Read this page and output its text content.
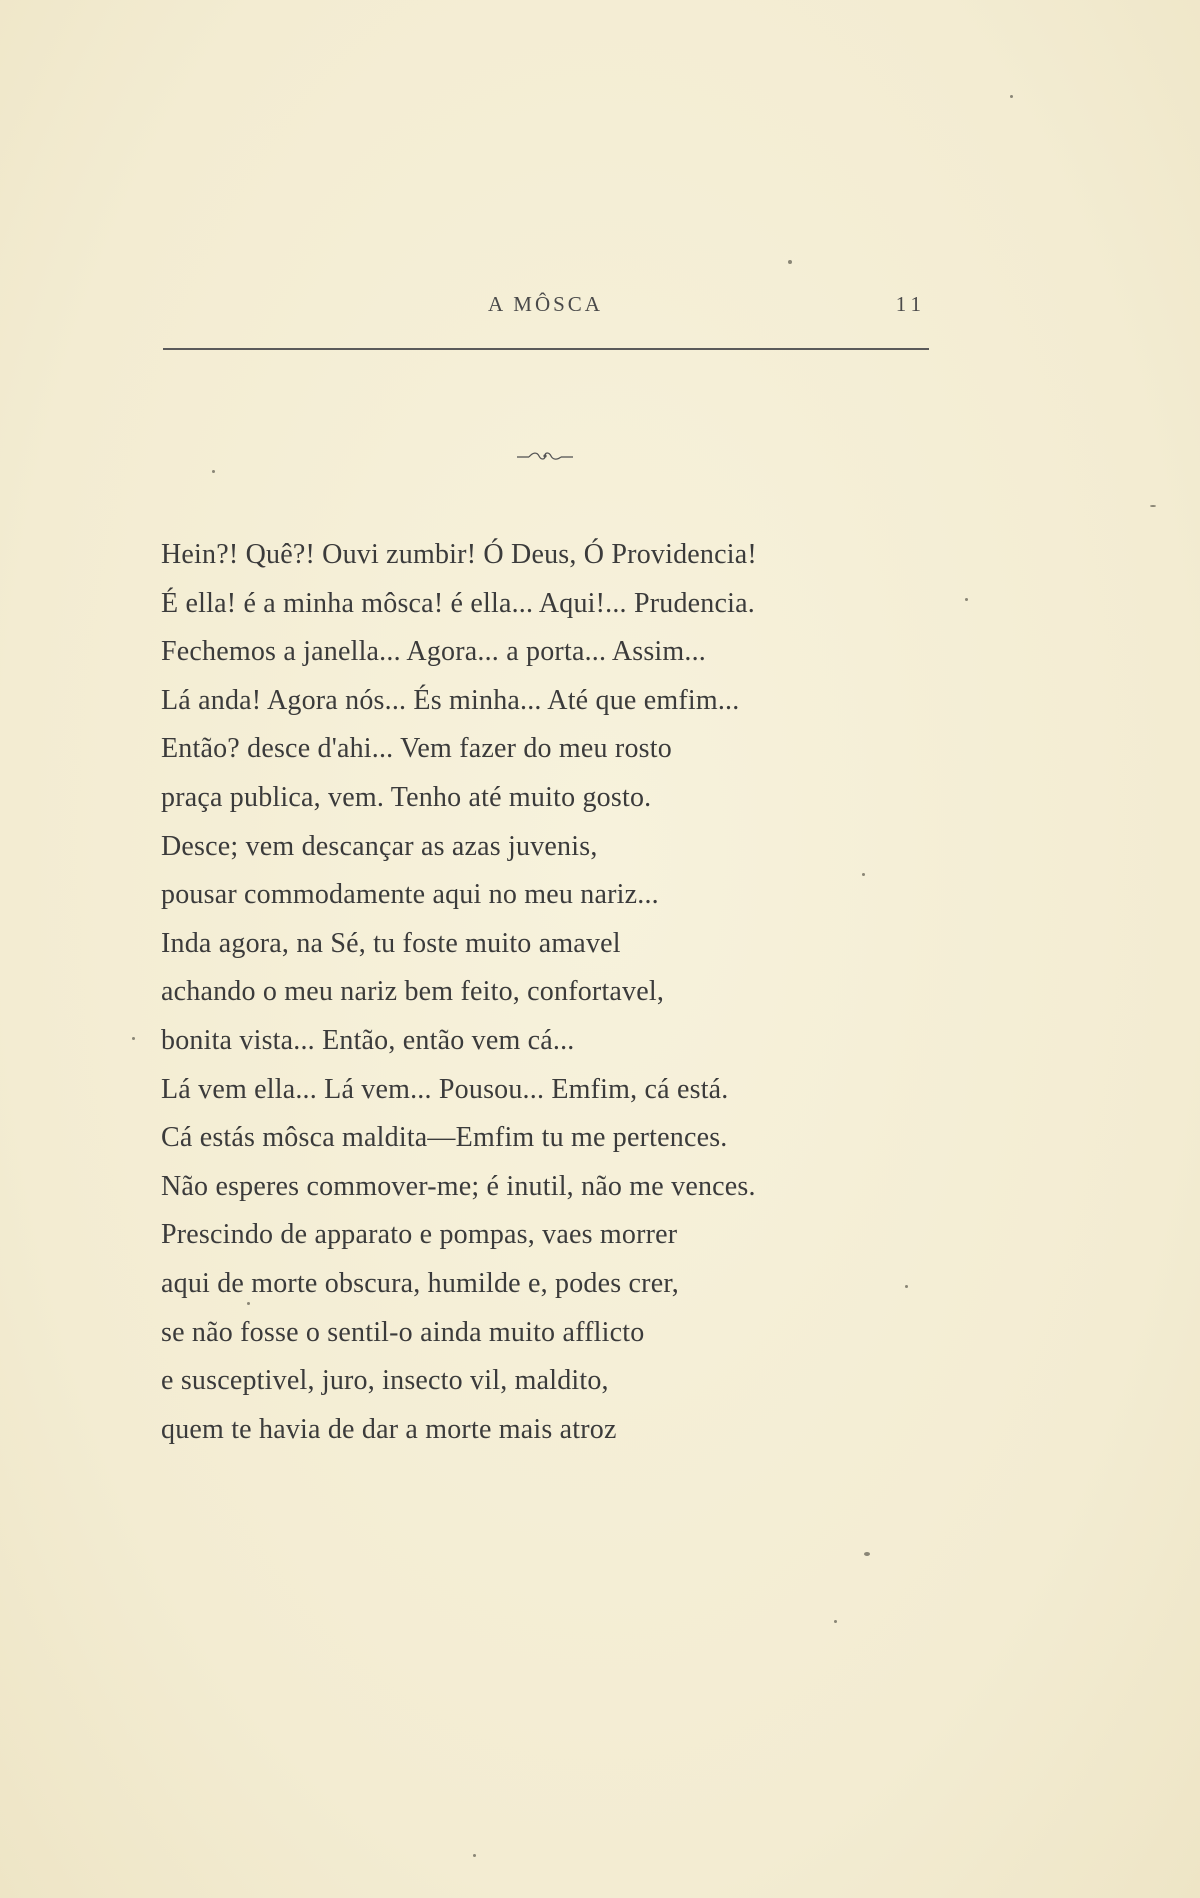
A MÔSCA	11
Hein?! Quê?! Ouvi zumbir! Ó Deus, Ó Providencia!
É ella! é a minha môsca! é ella... Aqui!... Prudencia.
Fechemos a janella... Agora... a porta... Assim...
Lá anda! Agora nós... És minha... Até que emfim...
Então? desce d'ahi... Vem fazer do meu rosto
praça publica, vem. Tenho até muito gosto.
Desce; vem descançar as azas juvenis,
pousar commodamente aqui no meu nariz...
Inda agora, na Sé, tu foste muito amavel
achando o meu nariz bem feito, confortavel,
bonita vista... Então, então vem cá...
Lá vem ella... Lá vem... Pousou... Emfim, cá está.
Cá estás môsca maldita—Emfim tu me pertences.
Não esperes commover-me; é inutil, não me vences.
Prescindo de apparato e pompas, vaes morrer
aqui de morte obscura, humilde e, podes crer,
se não fosse o sentil-o ainda muito afflicto
e susceptivel, juro, insecto vil, maldito,
quem te havia de dar a morte mais atroz
